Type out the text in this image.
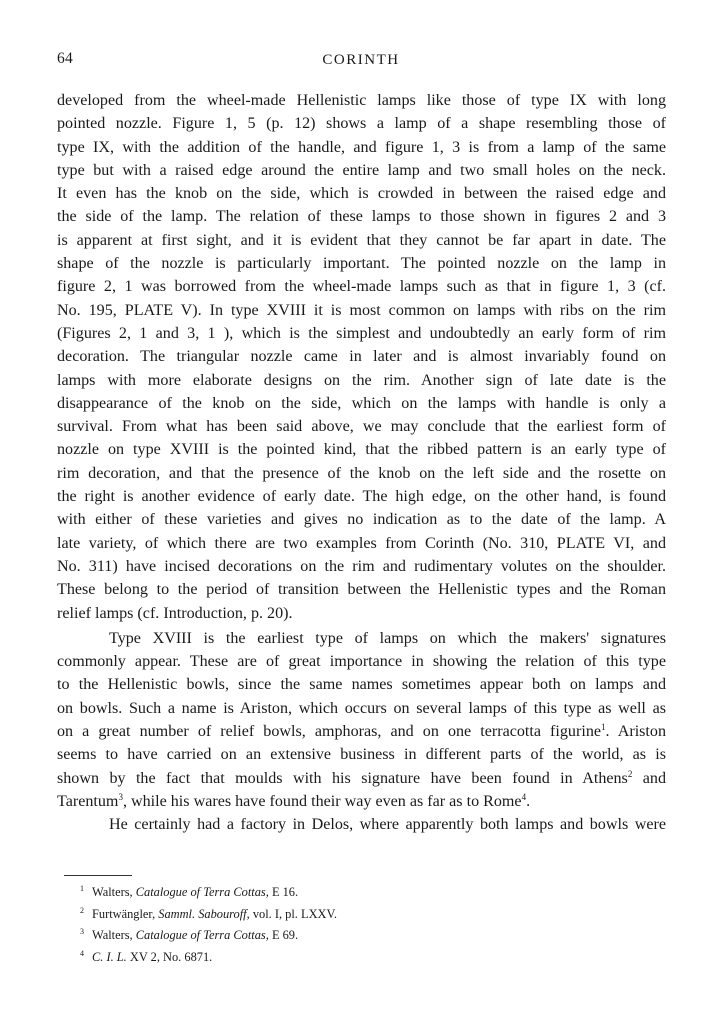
64	CORINTH
developed from the wheel-made Hellenistic lamps like those of type IX with long
pointed nozzle. Figure 1, 5 (p. 12) shows a lamp of a shape resembling those of
type IX, with the addition of the handle, and figure 1, 3 is from a lamp of the same
type but with a raised edge around the entire lamp and two small holes on the neck.
It even has the knob on the side, which is crowded in between the raised edge and
the side of the lamp. The relation of these lamps to those shown in figures 2 and 3
is apparent at first sight, and it is evident that they cannot be far apart in date. The
shape of the nozzle is particularly important. The pointed nozzle on the lamp in
figure 2, 1 was borrowed from the wheel-made lamps such as that in figure 1, 3 (cf.
No. 195, PLATE V). In type XVIII it is most common on lamps with ribs on the rim
(Figures 2, 1 and 3, 1 ), which is the simplest and undoubtedly an early form of rim
decoration. The triangular nozzle came in later and is almost invariably found on
lamps with more elaborate designs on the rim. Another sign of late date is the
disappearance of the knob on the side, which on the lamps with handle is only a
survival. From what has been said above, we may conclude that the earliest form of
nozzle on type XVIII is the pointed kind, that the ribbed pattern is an early type of
rim decoration, and that the presence of the knob on the left side and the rosette on
the right is another evidence of early date. The high edge, on the other hand, is found
with either of these varieties and gives no indication as to the date of the lamp. A
late variety, of which there are two examples from Corinth (No. 310, PLATE VI, and
No. 311) have incised decorations on the rim and rudimentary volutes on the shoulder.
These belong to the period of transition between the Hellenistic types and the Roman
relief lamps (cf. Introduction, p. 20).
Type XVIII is the earliest type of lamps on which the makers' signatures
commonly appear. These are of great importance in showing the relation of this type
to the Hellenistic bowls, since the same names sometimes appear both on lamps and
on bowls. Such a name is Ariston, which occurs on several lamps of this type as well as
on a great number of relief bowls, amphoras, and on one terracotta figurine$^1$. Ariston
seems to have carried on an extensive business in different parts of the world, as is
shown by the fact that moulds with his signature have been found in Athens$^2$ and
Tarentum$^3$, while his wares have found their way even as far as to Rome$^4$.
He certainly had a factory in Delos, where apparently both lamps and bowls were
1 Walters, Catalogue of Terra Cottas, E 16.
2 Furtwängler, Samml. Sabouroff, vol. I, pl. LXXV.
3 Walters, Catalogue of Terra Cottas, E 69.
4 C. I. L. XV 2, No. 6871.
